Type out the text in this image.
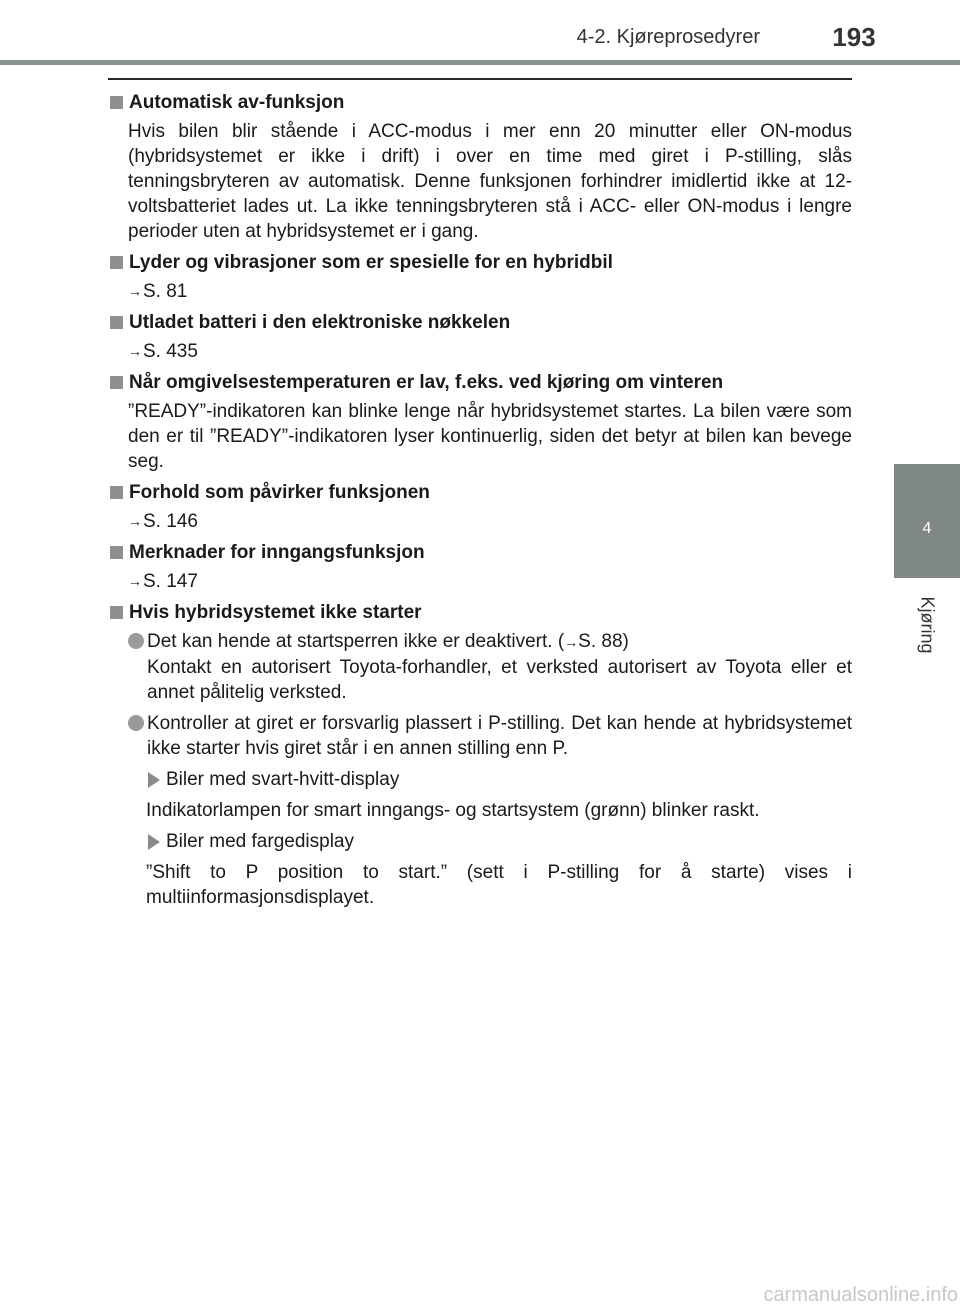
4-2. Kjøreprosedyrer	193
4
Kjøring
Automatisk av-funksjon
Hvis bilen blir stående i ACC-modus i mer enn 20 minutter eller ON-modus (hybridsystemet er ikke i drift) i over en time med giret i P-stilling, slås tenningsbryteren av automatisk. Denne funksjonen forhindrer imidlertid ikke at 12-voltsbatteriet lades ut. La ikke tenningsbryteren stå i ACC- eller ON-modus i lengre perioder uten at hybridsystemet er i gang.
Lyder og vibrasjoner som er spesielle for en hybridbil
→ S. 81
Utladet batteri i den elektroniske nøkkelen
→ S. 435
Når omgivelsestemperaturen er lav, f.eks. ved kjøring om vinteren
”READY”-indikatoren kan blinke lenge når hybridsystemet startes. La bilen være som den er til ”READY”-indikatoren lyser kontinuerlig, siden det betyr at bilen kan bevege seg.
Forhold som påvirker funksjonen
→ S. 146
Merknader for inngangsfunksjon
→ S. 147
Hvis hybridsystemet ikke starter
Det kan hende at startsperren ikke er deaktivert. (→S. 88)
Kontakt en autorisert Toyota-forhandler, et verksted autorisert av Toyota eller et annet pålitelig verksted.
Kontroller at giret er forsvarlig plassert i P-stilling. Det kan hende at hybridsystemet ikke starter hvis giret står i en annen stilling enn P.
Biler med svart-hvitt-display
Indikatorlampen for smart inngangs- og startsystem (grønn) blinker raskt.
Biler med fargedisplay
”Shift to P position to start.” (sett i P-stilling for å starte) vises i multiinformasjonsdisplayet.
carmanualsonline.info
